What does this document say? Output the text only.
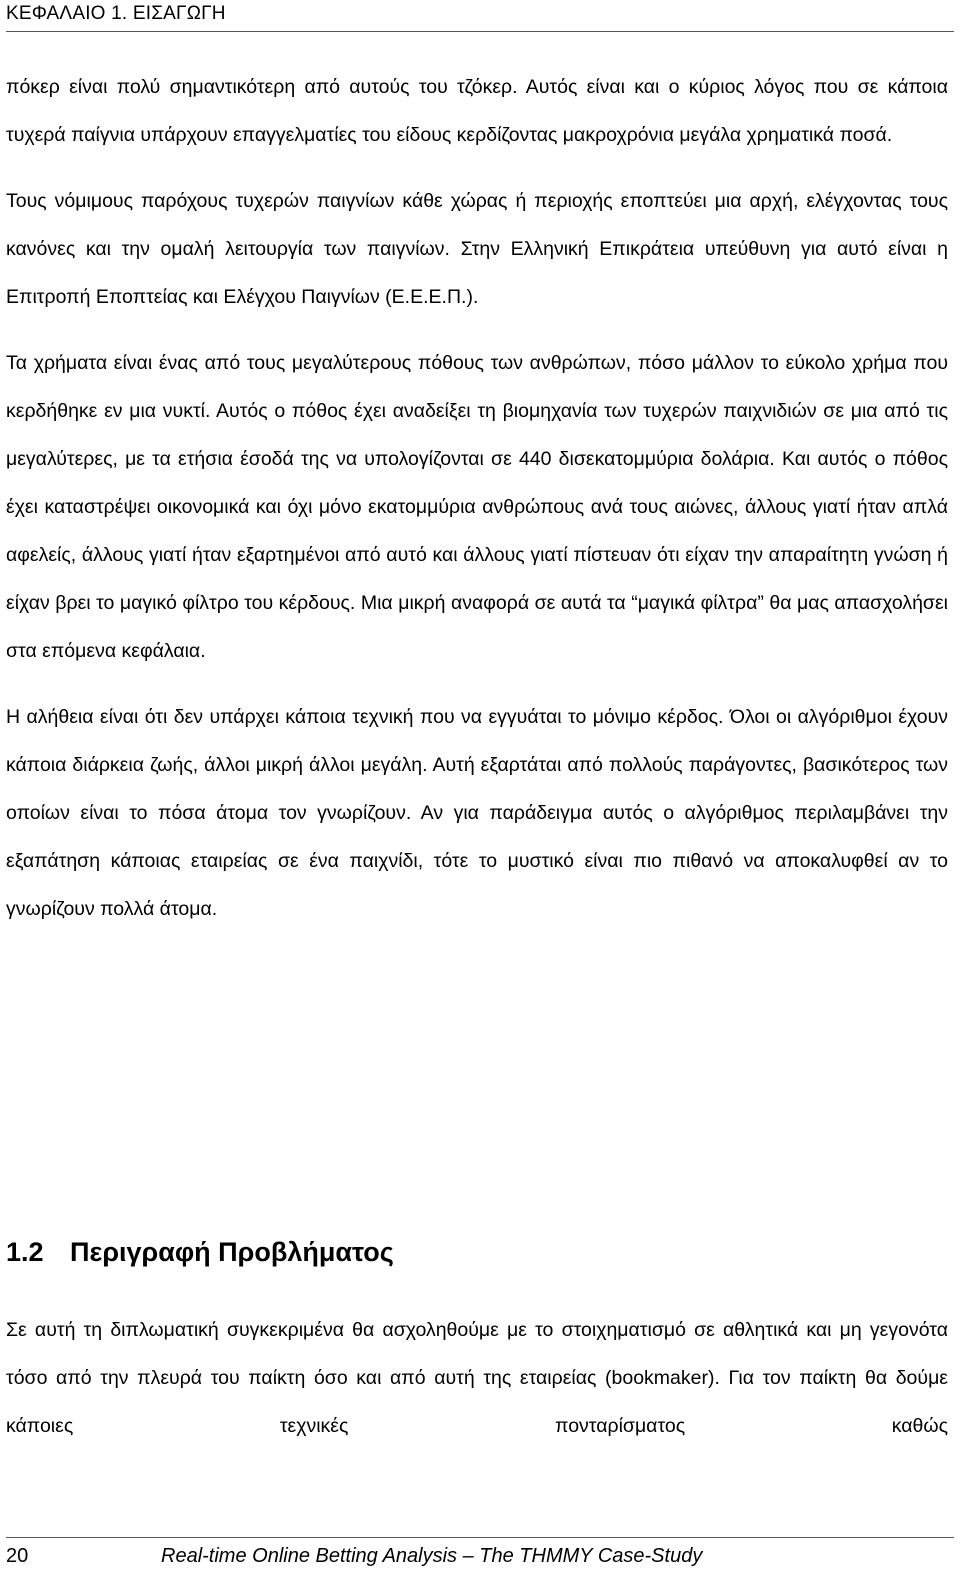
ΚΕΦΑΛΑΙΟ 1. ΕΙΣΑΓΩΓΗ

πόκερ είναι πολύ σημαντικότερη από αυτούς του τζόκερ. Αυτός είναι και ο κύριος λόγος που σε κάποια τυχερά παίγνια υπάρχουν επαγγελματίες του είδους κερδίζοντας μακροχρόνια μεγάλα χρηματικά ποσά.

Τους νόμιμους παρόχους τυχερών παιγνίων κάθε χώρας ή περιοχής εποπτεύει μια αρχή, ελέγχοντας τους κανόνες και την ομαλή λειτουργία των παιγνίων. Στην Ελληνική Επικράτεια υπεύθυνη για αυτό είναι η Επιτροπή Εποπτείας και Ελέγχου Παιγνίων (Ε.Ε.Ε.Π.).

Τα χρήματα είναι ένας από τους μεγαλύτερους πόθους των ανθρώπων, πόσο μάλλον το εύκολο χρήμα που κερδήθηκε εν μια νυκτί. Αυτός ο πόθος έχει αναδείξει τη βιομηχανία των τυχερών παιχνιδιών σε μια από τις μεγαλύτερες, με τα ετήσια έσοδά της να υπολογίζονται σε 440 δισεκατομμύρια δολάρια. Και αυτός ο πόθος έχει καταστρέψει οικονομικά και όχι μόνο εκατομμύρια ανθρώπους ανά τους αιώνες, άλλους γιατί ήταν απλά αφελείς, άλλους γιατί ήταν εξαρτημένοι από αυτό και άλλους γιατί πίστευαν ότι είχαν την απαραίτητη γνώση ή είχαν βρει το μαγικό φίλτρο του κέρδους. Μια μικρή αναφορά σε αυτά τα “μαγικά φίλτρα” θα μας απασχολήσει στα επόμενα κεφάλαια.

Η αλήθεια είναι ότι δεν υπάρχει κάποια τεχνική που να εγγυάται το μόνιμο κέρδος. Όλοι οι αλγόριθμοι έχουν κάποια διάρκεια ζωής, άλλοι μικρή άλλοι μεγάλη. Αυτή εξαρτάται από πολλούς παράγοντες, βασικότερος των οποίων είναι το πόσα άτομα τον γνωρίζουν. Αν για παράδειγμα αυτός ο αλγόριθμος περιλαμβάνει την εξαπάτηση κάποιας εταιρείας σε ένα παιχνίδι, τότε το μυστικό είναι πιο πιθανό να αποκαλυφθεί αν το γνωρίζουν πολλά άτομα.

1.2 Περιγραφή Προβλήματος

Σε αυτή τη διπλωματική συγκεκριμένα θα ασχοληθούμε με το στοιχηματισμό σε αθλητικά και μη γεγονότα τόσο από την πλευρά του παίκτη όσο και από αυτή της εταιρείας (bookmaker). Για τον παίκτη θα δούμε κάποιες τεχνικές πονταρίσματος καθώς

20	Real-time Online Betting Analysis – The THMMY Case-Study
